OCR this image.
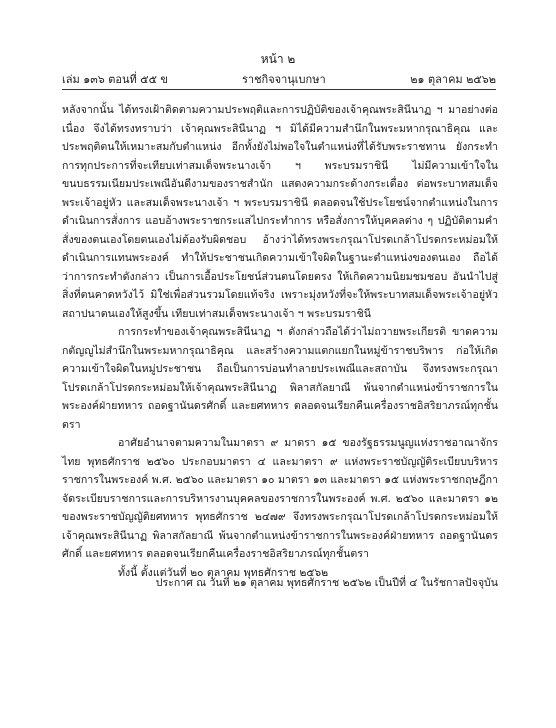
หน้า ๒
เล่ม ๑๓๖ ตอนที่ ๕๕ ข	ราชกิจจานุเบกษา	๒๑ ตุลาคม ๒๕๖๒

หลังจากนั้น ได้ทรงเฝ้าติดตามความประพฤติและการปฏิบัติของเจ้าคุณพระสินีนาฏ ฯ มาอย่างต่อเนื่อง จึงได้ทรงทราบว่า เจ้าคุณพระสินีนาฏ ฯ มิได้มีความสำนึกในพระมหากรุณาธิคุณ และประพฤติตนให้เหมาะสมกับตำแหน่ง อีกทั้งยังไม่พอใจในตำแหน่งที่ได้รับพระราชทาน ยังกระทำการทุกประการที่จะเทียบเท่าสมเด็จพระนางเจ้า ฯ พระบรมราชินี ไม่มีความเข้าใจในขนบธรรมเนียมประเพณีอันดีงามของราชสำนัก แสดงความกระด้างกระเดื่อง ต่อพระบาทสมเด็จพระเจ้าอยู่หัว และสมเด็จพระนางเจ้า ฯ พระบรมราชินี ตลอดจนใช้ประโยชน์จากตำแหน่งในการดำเนินการสั่งการ แอบอ้างพระราชกระแสไปกระทำการ หรือสั่งการให้บุคคลต่าง ๆ ปฏิบัติตามคำสั่งของตนเองโดยตนเองไม่ต้องรับผิดชอบ อ้างว่าได้ทรงพระกรุณาโปรดเกล้าโปรดกระหม่อมให้ดำเนินการแทนพระองค์ ทำให้ประชาชนเกิดความเข้าใจผิดในฐานะตำแหน่งของตนเอง ถือได้ว่าการกระทำดังกล่าว เป็นการเอื้อประโยชน์ส่วนตนโดยตรง ให้เกิดความนิยมชมชอบ อันนำไปสู่สิ่งที่ตนคาดหวังไว้ มิใช่เพื่อส่วนรวมโดยแท้จริง เพราะมุ่งหวังที่จะให้พระบาทสมเด็จพระเจ้าอยู่หัวสถาปนาตนเองให้สูงขึ้น เทียบเท่าสมเด็จพระนางเจ้า ฯ พระบรมราชินี

การกระทำของเจ้าคุณพระสินีนาฏ ฯ ดังกล่าวถือได้ว่าไม่ถวายพระเกียรติ ขาดความกตัญญูไม่สำนึกในพระมหากรุณาธิคุณ และสร้างความแตกแยกในหมู่ข้าราชบริพาร ก่อให้เกิดความเข้าใจผิดในหมู่ประชาชน ถือเป็นการบ่อนทำลายประเพณีและสถาบัน จึงทรงพระกรุณาโปรดเกล้าโปรดกระหม่อมให้เจ้าคุณพระสินีนาฏ พิลาสกัลยาณี พ้นจากตำแหน่งข้าราชการในพระองค์ฝ่ายทหาร ถอดฐานันดรศักดิ์ และยศทหาร ตลอดจนเรียกคืนเครื่องราชอิสริยาภรณ์ทุกชั้นตรา

อาศัยอำนาจตามความในมาตรา ๙ มาตรา ๑๕ ของรัฐธรรมนูญแห่งราชอาณาจักรไทย พุทธศักราช ๒๕๖๐ ประกอบมาตรา ๔ และมาตรา ๙ แห่งพระราชบัญญัติระเบียบบริหารราชการในพระองค์ พ.ศ. ๒๕๖๐ และมาตรา ๑๐ มาตรา ๑๓ และมาตรา ๑๕ แห่งพระราชกฤษฎีกาจัดระเบียบราชการและการบริหารงานบุคคลของราชการในพระองค์ พ.ศ. ๒๕๖๐ และมาตรา ๑๒ ของพระราชบัญญัติยศทหาร พุทธศักราช ๒๔๗๙ จึงทรงพระกรุณาโปรดเกล้าโปรดกระหม่อมให้เจ้าคุณพระสินีนาฏ พิลาสกัลยาณี พ้นจากตำแหน่งข้าราชการในพระองค์ฝ่ายทหาร ถอดฐานันดรศักดิ์ และยศทหาร ตลอดจนเรียกคืนเครื่องราชอิสริยาภรณ์ทุกชั้นตรา

ทั้งนี้ ตั้งแต่วันที่ ๒๐ ตุลาคม พุทธศักราช ๒๕๖๒

ประกาศ ณ วันที่ ๒๑ ตุลาคม พุทธศักราช ๒๕๖๒ เป็นปีที่ ๔ ในรัชกาลปัจจุบัน
